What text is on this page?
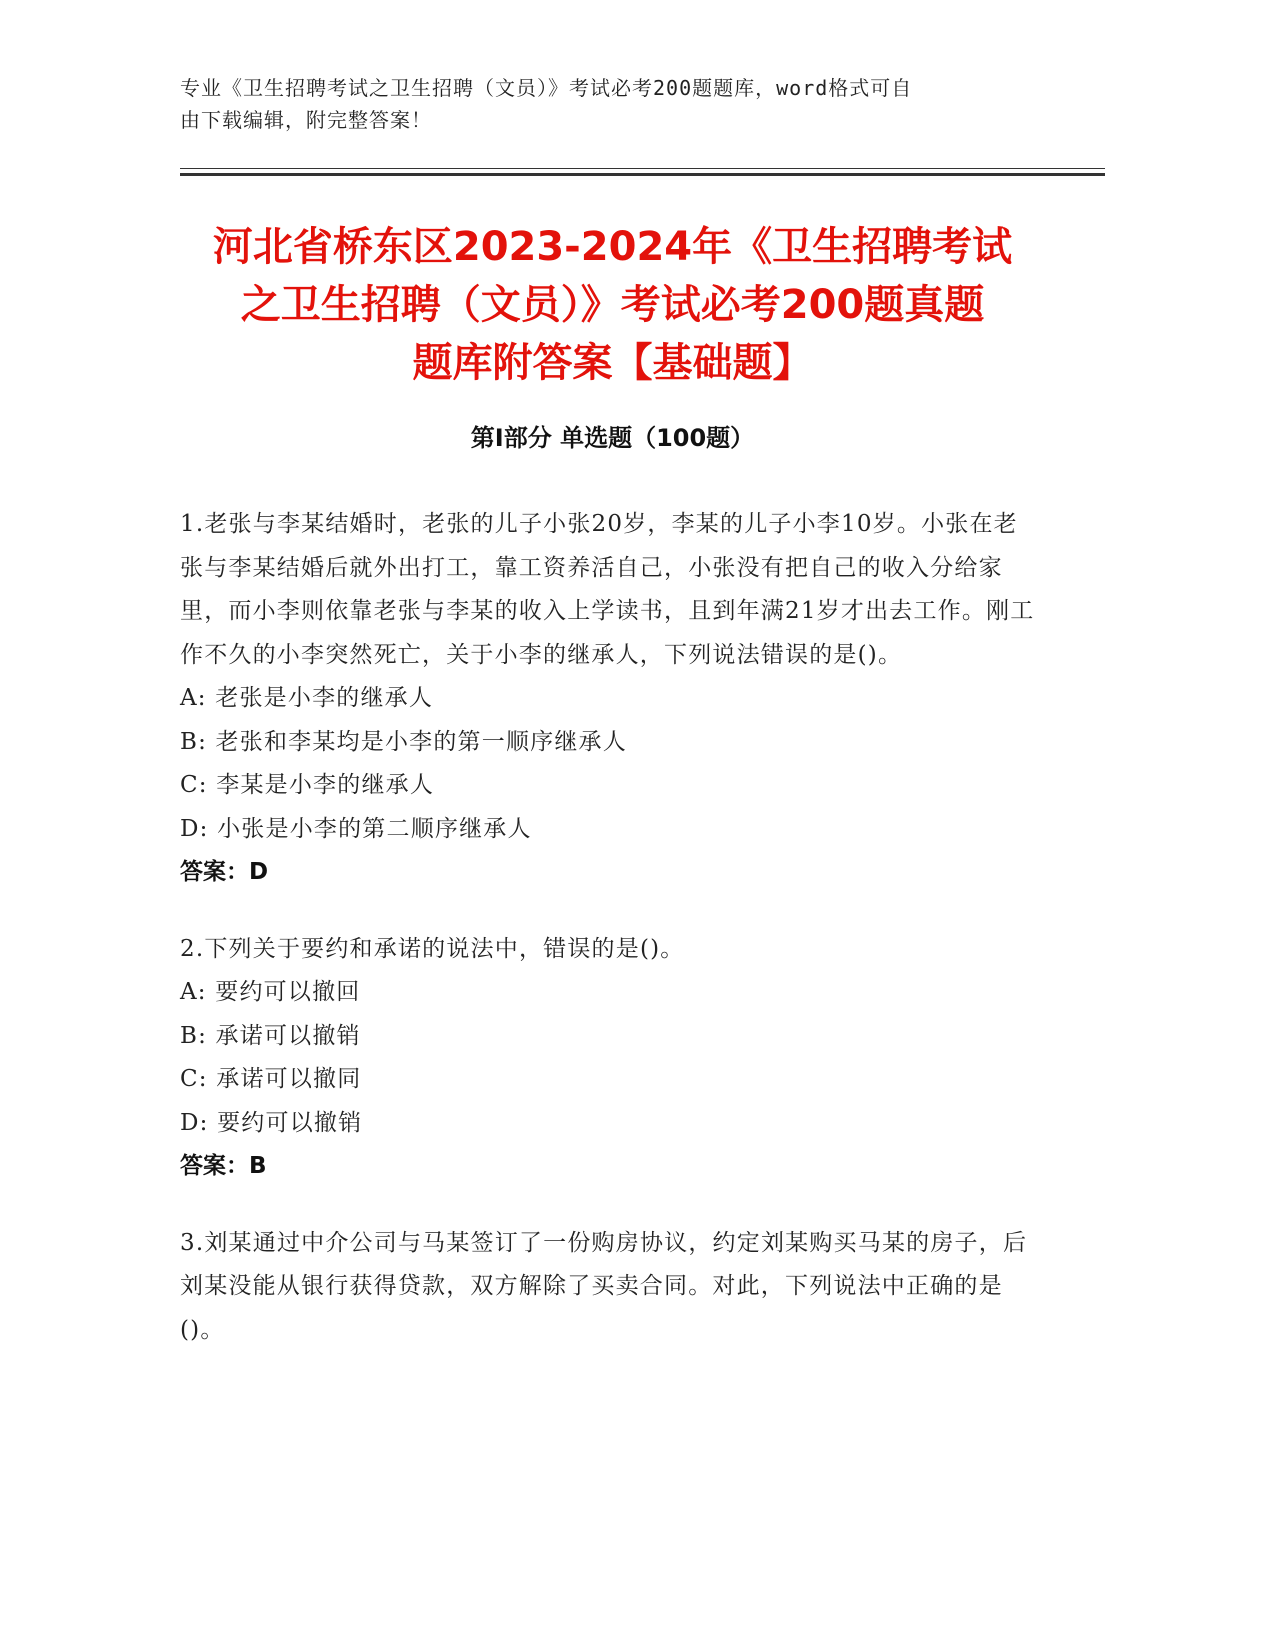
专业《卫生招聘考试之卫生招聘（文员）》考试必考200题题库，word格式可自
由下载编辑，附完整答案！
河北省桥东区2023-2024年《卫生招聘考试
之卫生招聘（文员）》考试必考200题真题
题库附答案【基础题】
第Ⅰ部分 单选题（100题）

1.老张与李某结婚时，老张的儿子小张20岁，李某的儿子小李10岁。小张在老张与李某结婚后就外出打工，靠工资养活自己，小张没有把自己的收入分给家里，而小李则依靠老张与李某的收入上学读书，且到年满21岁才出去工作。刚工作不久的小李突然死亡，关于小李的继承人，下列说法错误的是()。

A: 老张是小李的继承人

B: 老张和李某均是小李的第一顺序继承人

C: 李某是小李的继承人

D: 小张是小李的第二顺序继承人

答案：D

2.下列关于要约和承诺的说法中，错误的是()。

A: 要约可以撤回

B: 承诺可以撤销

C: 承诺可以撤同

D: 要约可以撤销

答案：B

3.刘某通过中介公司与马某签订了一份购房协议，约定刘某购买马某的房子，后刘某没能从银行获得贷款，双方解除了买卖合同。对此，下列说法中正确的是()。
